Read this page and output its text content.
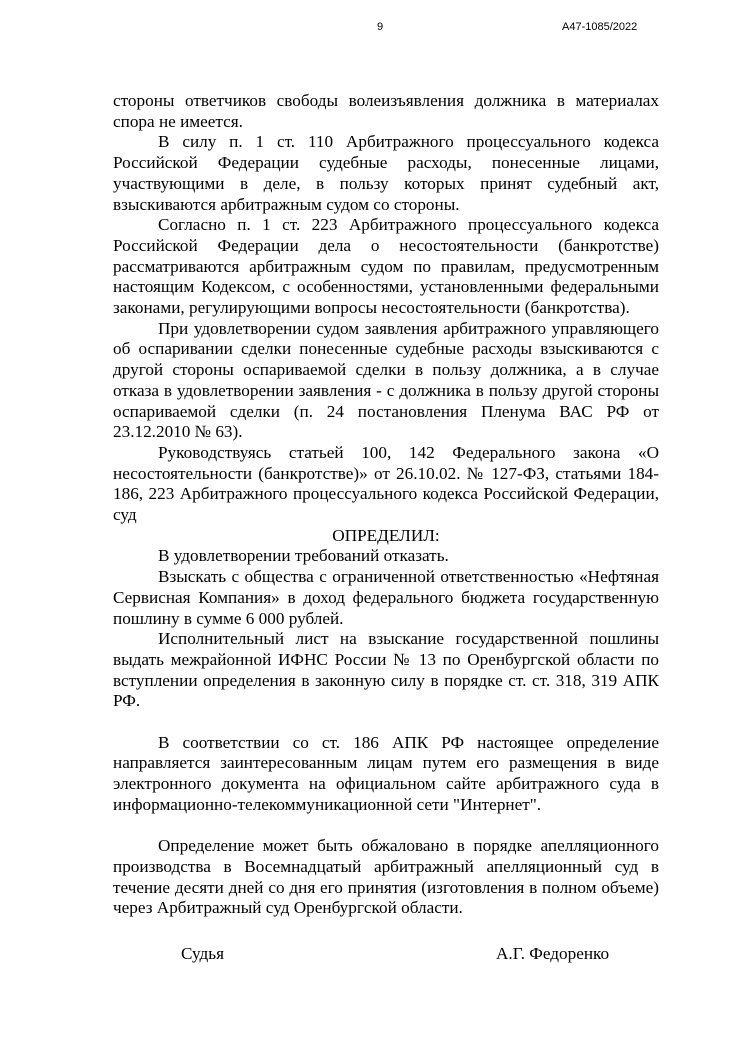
9	А47-1085/2022

стороны ответчиков свободы волеизъявления должника в материалах спора не имеется.

В силу п. 1 ст. 110 Арбитражного процессуального кодекса Российской Федерации судебные расходы, понесенные лицами, участвующими в деле, в пользу которых принят судебный акт, взыскиваются арбитражным судом со стороны.

Согласно п. 1 ст. 223 Арбитражного процессуального кодекса Российской Федерации дела о несостоятельности (банкротстве) рассматриваются арбитражным судом по правилам, предусмотренным настоящим Кодексом, с особенностями, установленными федеральными законами, регулирующими вопросы несостоятельности (банкротства).

При удовлетворении судом заявления арбитражного управляющего об оспаривании сделки понесенные судебные расходы взыскиваются с другой стороны оспариваемой сделки в пользу должника, а в случае отказа в удовлетворении заявления - с должника в пользу другой стороны оспариваемой сделки (п. 24 постановления Пленума ВАС РФ от 23.12.2010 № 63).

Руководствуясь статьей 100, 142 Федерального закона «О несостоятельности (банкротстве)» от 26.10.02. № 127-ФЗ, статьями 184-186, 223 Арбитражного процессуального кодекса Российской Федерации, суд

ОПРЕДЕЛИЛ:

В удовлетворении требований отказать.

Взыскать с общества с ограниченной ответственностью «Нефтяная Сервисная Компания» в доход федерального бюджета государственную пошлину в сумме 6 000 рублей.

Исполнительный лист на взыскание государственной пошлины выдать межрайонной ИФНС России № 13 по Оренбургской области по вступлении определения в законную силу в порядке ст. ст. 318, 319 АПК РФ.

В соответствии со ст. 186 АПК РФ настоящее определение направляется заинтересованным лицам путем его размещения в виде электронного документа на официальном сайте арбитражного суда в информационно-телекоммуникационной сети "Интернет".

Определение может быть обжаловано в порядке апелляционного производства в Восемнадцатый арбитражный апелляционный суд в течение десяти дней со дня его принятия (изготовления в полном объеме) через Арбитражный суд Оренбургской области.

Судья	А.Г. Федоренко
